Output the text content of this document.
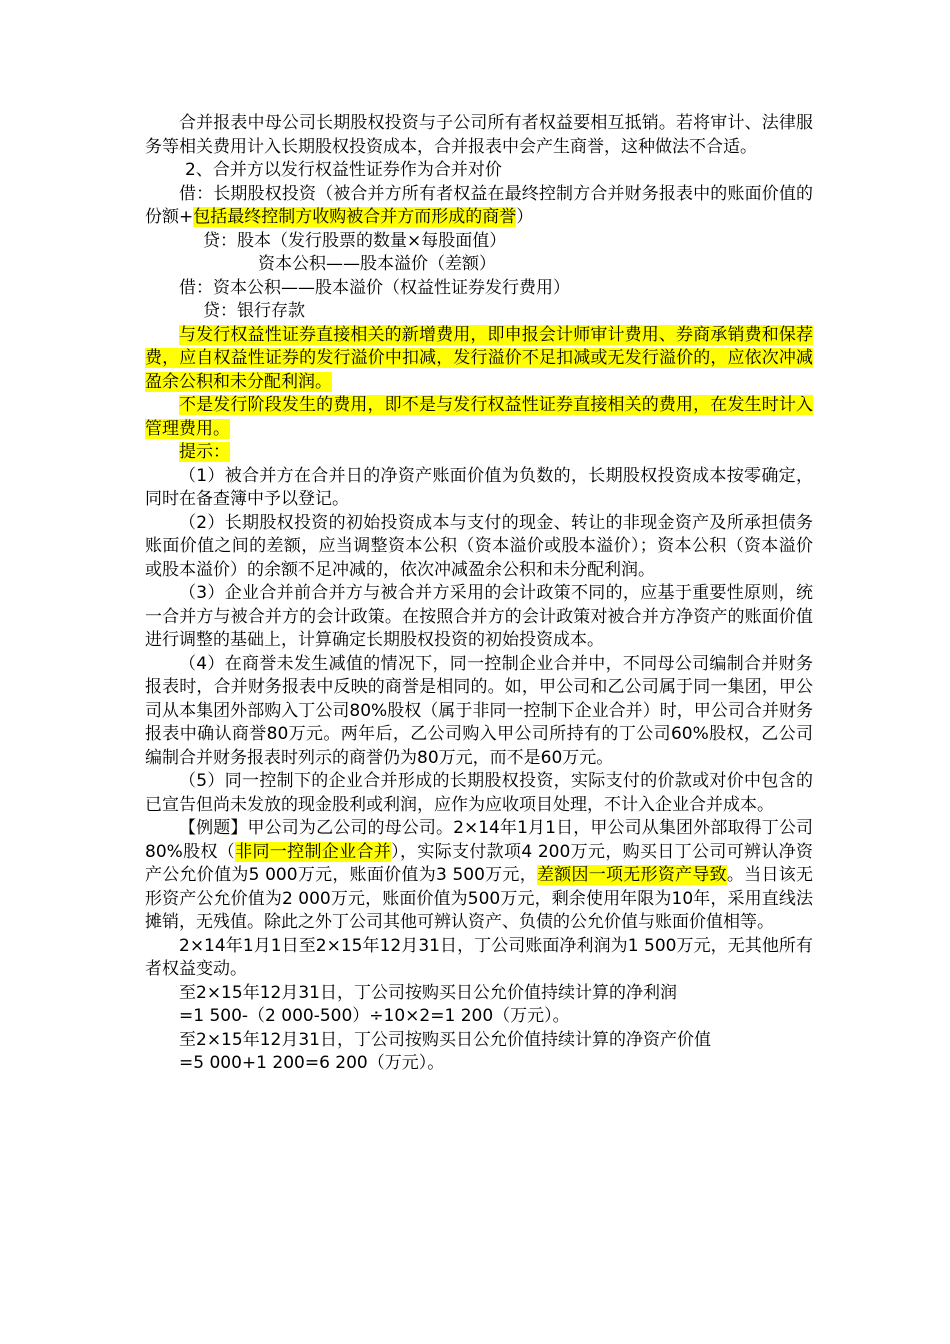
合并报表中母公司长期股权投资与子公司所有者权益要相互抵销。若将审计、法律服务等相关费用计入长期股权投资成本，合并报表中会产生商誉，这种做法不合适。

2、合并方以发行权益性证券作为合并对价

借：长期股权投资（被合并方所有者权益在最终控制方合并财务报表中的账面价值的份额+包括最终控制方收购被合并方而形成的商誉）

贷：股本（发行股票的数量×每股面值）

资本公积——股本溢价（差额）

借：资本公积——股本溢价（权益性证券发行费用）

贷：银行存款

与发行权益性证券直接相关的新增费用，即申报会计师审计费用、券商承销费和保荐费，应自权益性证券的发行溢价中扣减，发行溢价不足扣减或无发行溢价的，应依次冲减盈余公积和未分配利润。

不是发行阶段发生的费用，即不是与发行权益性证券直接相关的费用，在发生时计入管理费用。

提示：

（1）被合并方在合并日的净资产账面价值为负数的，长期股权投资成本按零确定，同时在备查簿中予以登记。

（2）长期股权投资的初始投资成本与支付的现金、转让的非现金资产及所承担债务账面价值之间的差额，应当调整资本公积（资本溢价或股本溢价）；资本公积（资本溢价或股本溢价）的余额不足冲减的，依次冲减盈余公积和未分配利润。

（3）企业合并前合并方与被合并方采用的会计政策不同的，应基于重要性原则，统一合并方与被合并方的会计政策。在按照合并方的会计政策对被合并方净资产的账面价值进行调整的基础上，计算确定长期股权投资的初始投资成本。

（4）在商誉未发生减值的情况下，同一控制企业合并中，不同母公司编制合并财务报表时，合并财务报表中反映的商誉是相同的。如，甲公司和乙公司属于同一集团，甲公司从本集团外部购入丁公司80%股权（属于非同一控制下企业合并）时，甲公司合并财务报表中确认商誉80万元。两年后，乙公司购入甲公司所持有的丁公司60%股权，乙公司编制合并财务报表时列示的商誉仍为80万元，而不是60万元。

（5）同一控制下的企业合并形成的长期股权投资，实际支付的价款或对价中包含的已宣告但尚未发放的现金股利或利润，应作为应收项目处理，不计入企业合并成本。

【例题】甲公司为乙公司的母公司。2×14年1月1日，甲公司从集团外部取得丁公司80%股权（非同一控制企业合并），实际支付款项4 200万元，购买日丁公司可辨认净资产公允价值为5 000万元，账面价值为3 500万元，差额因一项无形资产导致。当日该无形资产公允价值为2 000万元，账面价值为500万元，剩余使用年限为10年，采用直线法摊销，无残值。除此之外丁公司其他可辨认资产、负债的公允价值与账面价值相等。

2×14年1月1日至2×15年12月31日，丁公司账面净利润为1 500万元，无其他所有者权益变动。

至2×15年12月31日，丁公司按购买日公允价值持续计算的净利润

=1 500-（2 000-500）÷10×2=1 200（万元）。

至2×15年12月31日，丁公司按购买日公允价值持续计算的净资产价值

=5 000+1 200=6 200（万元）。
